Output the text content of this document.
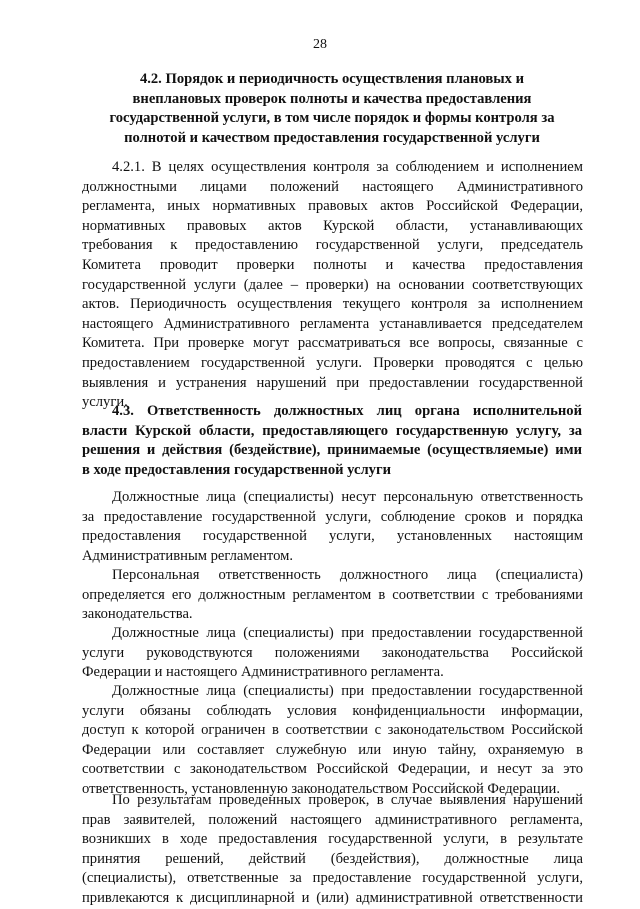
28
4.2. Порядок и периодичность осуществления плановых и
внеплановых проверок полноты и качества предоставления
государственной услуги, в том числе порядок и формы контроля за
полнотой и качеством предоставления государственной услуги
4.2.1. В целях осуществления контроля за соблюдением и исполнением
должностными лицами положений настоящего Административного
регламента, иных нормативных правовых актов Российской Федерации,
нормативных правовых актов Курской области, устанавливающих
требования к предоставлению государственной услуги, председатель
Комитета проводит проверки полноты и качества предоставления
государственной услуги (далее – проверки) на основании соответствующих
актов. Периодичность осуществления текущего контроля за исполнением
настоящего Административного регламента устанавливается председателем
Комитета. При проверке могут рассматриваться все вопросы, связанные с
предоставлением государственной услуги. Проверки проводятся с целью
выявления и устранения нарушений при предоставлении государственной
услуги.
4.3. Ответственность должностных лиц органа исполнительной
власти Курской области, предоставляющего государственную услугу, за
решения и действия (бездействие), принимаемые (осуществляемые) ими
в ходе предоставления государственной услуги
Должностные лица (специалисты) несут персональную ответственность
за предоставление государственной услуги, соблюдение сроков и порядка
предоставления государственной услуги, установленных настоящим
Административным регламентом.
Персональная ответственность должностного лица (специалиста)
определяется его должностным регламентом в соответствии с требованиями
законодательства.
Должностные лица (специалисты) при предоставлении государственной
услуги руководствуются положениями законодательства Российской
Федерации и настоящего Административного регламента.
Должностные лица (специалисты) при предоставлении государственной
услуги обязаны соблюдать условия конфиденциальности информации,
доступ к которой ограничен в соответствии с законодательством Российской
Федерации или составляет служебную или иную тайну, охраняемую в
соответствии с законодательством Российской Федерации, и несут за это
ответственность, установленную законодательством Российской Федерации.
По результатам проведенных проверок, в случае выявления нарушений
прав заявителей, положений настоящего административного регламента,
возникших в ходе предоставления государственной услуги, в результате
принятия решений, действий (бездействия), должностные лица
(специалисты), ответственные за предоставление государственной услуги,
привлекаются к дисциплинарной и (или) административной ответственности
